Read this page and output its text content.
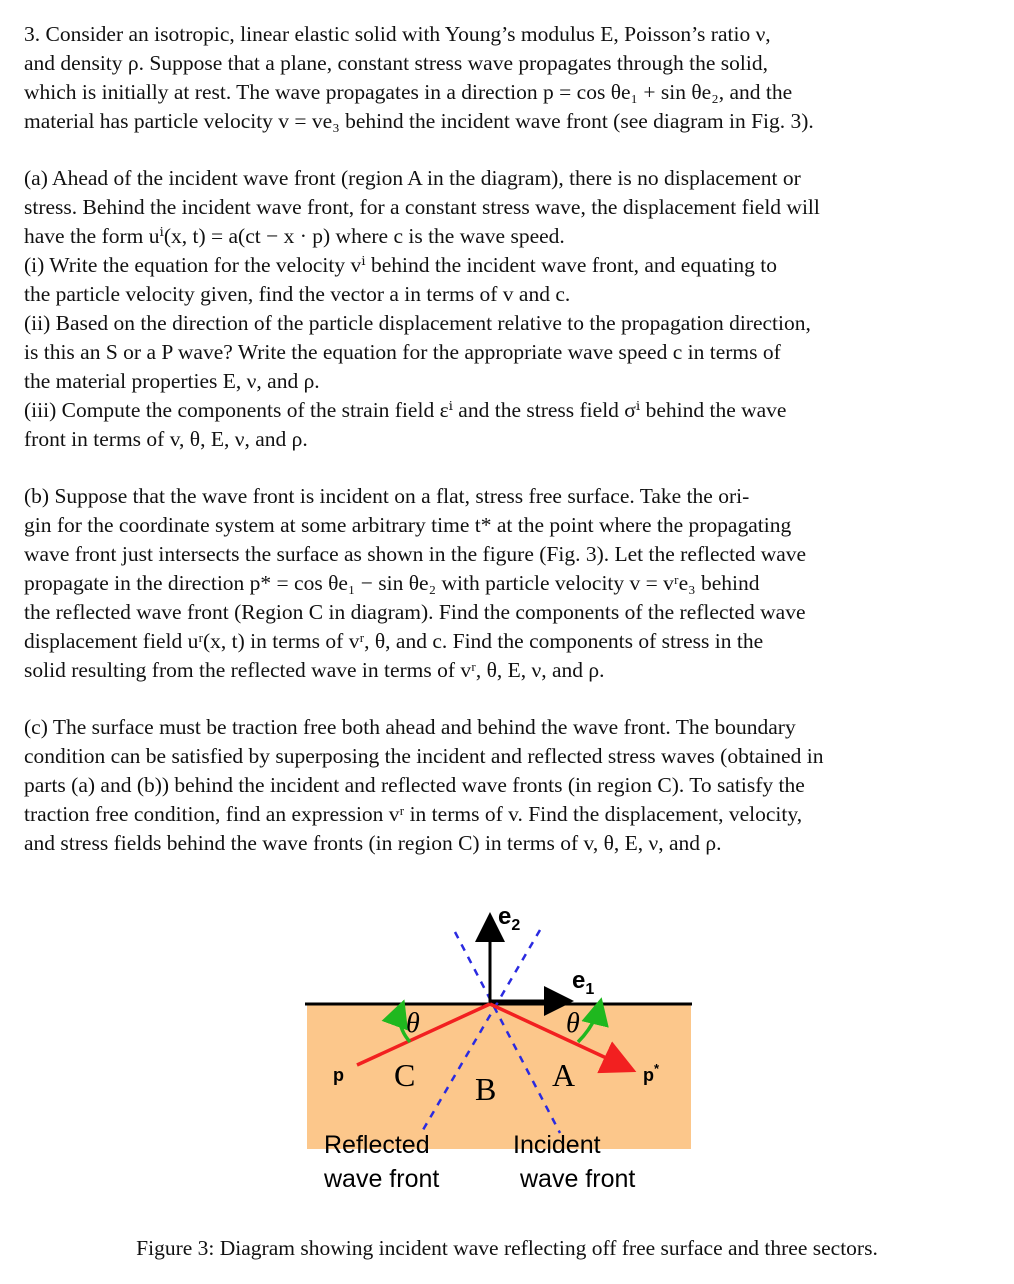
3. Consider an isotropic, linear elastic solid with Young’s modulus E, Poisson’s ratio ν,
and density ρ. Suppose that a plane, constant stress wave propagates through the solid,
which is initially at rest. The wave propagates in a direction p = cos θe₁ + sin θe₂, and the
material has particle velocity v = ve₃ behind the incident wave front (see diagram in Fig. 3).
(a) Ahead of the incident wave front (region A in the diagram), there is no displacement or
stress. Behind the incident wave front, for a constant stress wave, the displacement field will
have the form uⁱ(x, t) = a(ct − x · p) where c is the wave speed.
(i) Write the equation for the velocity vⁱ behind the incident wave front, and equating to
the particle velocity given, find the vector a in terms of v and c.
(ii) Based on the direction of the particle displacement relative to the propagation direction,
is this an S or a P wave? Write the equation for the appropriate wave speed c in terms of
the material properties E, ν, and ρ.
(iii) Compute the components of the strain field εⁱ and the stress field σⁱ behind the wave
front in terms of v, θ, E, ν, and ρ.
(b) Suppose that the wave front is incident on a flat, stress free surface. Take the ori-
gin for the coordinate system at some arbitrary time t* at the point where the propagating
wave front just intersects the surface as shown in the figure (Fig. 3). Let the reflected wave
propagate in the direction p* = cos θe₁ − sin θe₂ with particle velocity v = vʳe₃ behind
the reflected wave front (Region C in diagram). Find the components of the reflected wave
displacement field uʳ(x, t) in terms of vʳ, θ, and c. Find the components of stress in the
solid resulting from the reflected wave in terms of vʳ, θ, E, ν, and ρ.
(c) The surface must be traction free both ahead and behind the wave front. The boundary
condition can be satisfied by superposing the incident and reflected stress waves (obtained in
parts (a) and (b)) behind the incident and reflected wave fronts (in region C). To satisfy the
traction free condition, find an expression vʳ in terms of v. Find the displacement, velocity,
and stress fields behind the wave fronts (in region C) in terms of v, θ, E, ν, and ρ.
$e_2$
$e_1$
θ	θ
p	p*
C B A
Reflected
wave front
Incident
wave front
Figure 3: Diagram showing incident wave reflecting off free surface and three sectors.
